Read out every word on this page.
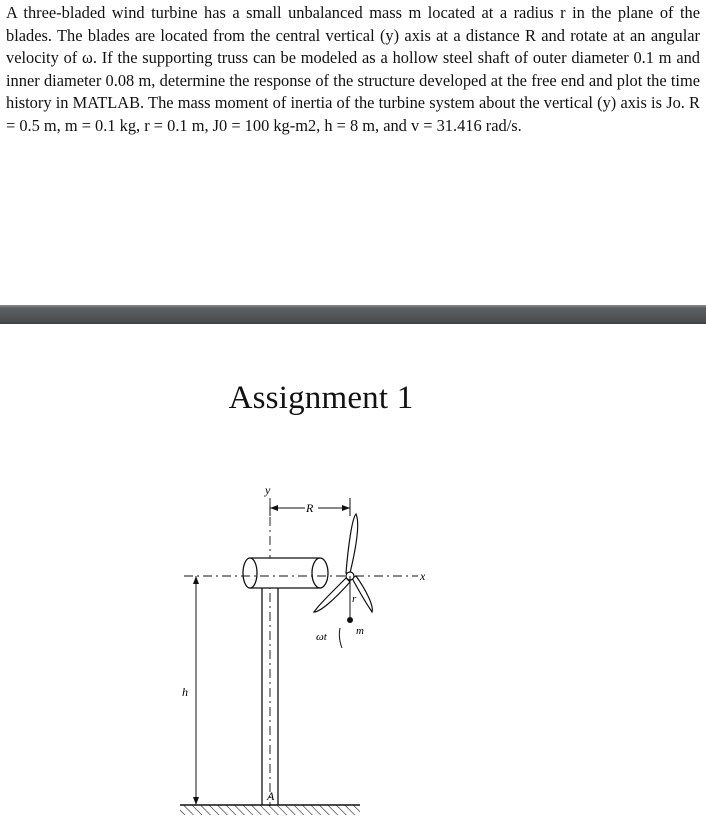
A three-bladed wind turbine has a small unbalanced mass m located at a radius r in the plane of the blades. The blades are located from the central vertical (y) axis at a distance R and rotate at an angular velocity of ω. If the supporting truss can be modeled as a hollow steel shaft of outer diameter 0.1 m and inner diameter 0.08 m, determine the response of the structure developed at the free end and plot the time history in MATLAB. The mass moment of inertia of the turbine system about the vertical (y) axis is Jo. R = 0.5 m, m = 0.1 kg, r = 0.1 m, J0 = 100 kg-m2, h = 8 m, and v = 31.416 rad/s.
Assignment 1
y
A
R
r
m
ωt
h
x
